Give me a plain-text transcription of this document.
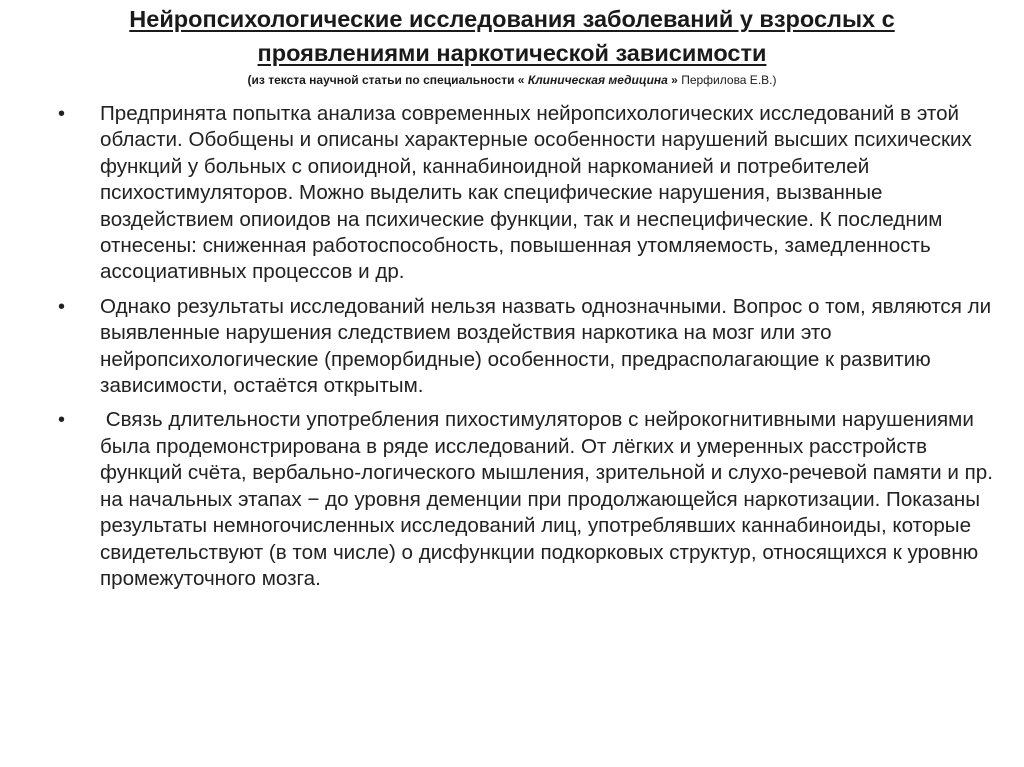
Нейропсихологические исследования заболеваний у взрослых с
проявлениями наркотической зависимости

(из текста научной статьи по специальности « Клиническая медицина » Перфилова Е.В.)

• Предпринята попытка анализа современных нейропсихологических исследований в этой области. Обобщены и описаны характерные особенности нарушений высших психических функций у больных с опиоидной, каннабиноидной наркоманией и потребителей психостимуляторов. Можно выделить как специфические нарушения, вызванные воздействием опиоидов на психические функции, так и неспецифические. К последним отнесены: сниженная работоспособность, повышенная утомляемость, замедленность ассоциативных процессов и др.
• Однако результаты исследований нельзя назвать однозначными. Вопрос о том, являются ли выявленные нарушения следствием воздействия наркотика на мозг или это нейропсихологические (преморбидные) особенности, предрасполагающие к развитию зависимости, остаётся открытым.
• Связь длительности употребления пихостимуляторов с нейрокогнитивными нарушениями была продемонстрирована в ряде исследований. От лёгких и умеренных расстройств функций счёта, вербально-логического мышления, зрительной и слухо-речевой памяти и пр. на начальных этапах − до уровня деменции при продолжающейся наркотизации. Показаны результаты немногочисленных исследований лиц, употреблявших каннабиноиды, которые свидетельствуют (в том числе) о дисфункции подкорковых структур, относящихся к уровню промежуточного мозга.
